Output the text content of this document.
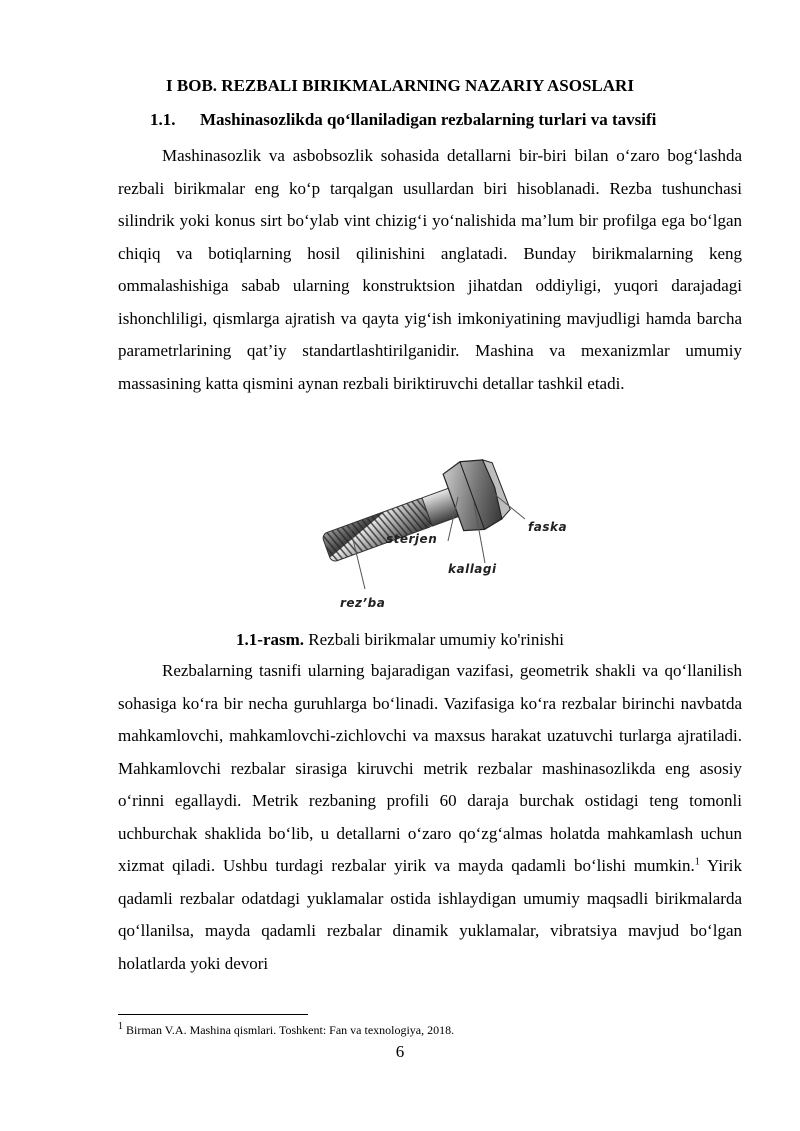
I BOB. REZBALI BIRIKMALARNING NAZARIY ASOSLARI
1.1. Mashinasozlikda qo‘llaniladigan rezbalarning turlari va tavsifi

Mashinasozlik va asbobsozlik sohasida detallarni bir-biri bilan o‘zaro bog‘lashda rezbali birikmalar eng ko‘p tarqalgan usullardan biri hisoblanadi. Rezba tushunchasi silindrik yoki konus sirt bo‘ylab vint chizig‘i yo‘nalishida ma’lum bir profilga ega bo‘lgan chiqiq va botiqlarning hosil qilinishini anglatadi. Bunday birikmalarning keng ommalashishiga sabab ularning konstruktsion jihatdan oddiyligi, yuqori darajadagi ishonchliligi, qismlarga ajratish va qayta yig‘ish imkoniyatining mavjudligi hamda barcha parametrlarining qat’iy standartlashtirilganidir. Mashina va mexanizmlar umumiy massasining katta qismini aynan rezbali biriktiruvchi detallar tashkil etadi.

faska
sterjen
kallagi
rez’ba

1.1-rasm. Rezbali birikmalar umumiy ko'rinishi

Rezbalarning tasnifi ularning bajaradigan vazifasi, geometrik shakli va qo‘llanilish sohasiga ko‘ra bir necha guruhlarga bo‘linadi. Vazifasiga ko‘ra rezbalar birinchi navbatda mahkamlovchi, mahkamlovchi-zichlovchi va maxsus harakat uzatuvchi turlarga ajratiladi. Mahkamlovchi rezbalar sirasiga kiruvchi metrik rezbalar mashinasozlikda eng asosiy o‘rinni egallaydi. Metrik rezbaning profili 60 daraja burchak ostidagi teng tomonli uchburchak shaklida bo‘lib, u detallarni o‘zaro qo‘zg‘almas holatda mahkamlash uchun xizmat qiladi. Ushbu turdagi rezbalar yirik va mayda qadamli bo‘lishi mumkin.$^1$ Yirik qadamli rezbalar odatdagi yuklamalar ostida ishlaydigan umumiy maqsadli birikmalarda qo‘llanilsa, mayda qadamli rezbalar dinamik yuklamalar, vibratsiya mavjud bo‘lgan holatlarda yoki devori

$^1$ Birman V.A. Mashina qismlari. Toshkent: Fan va texnologiya, 2018.

6
